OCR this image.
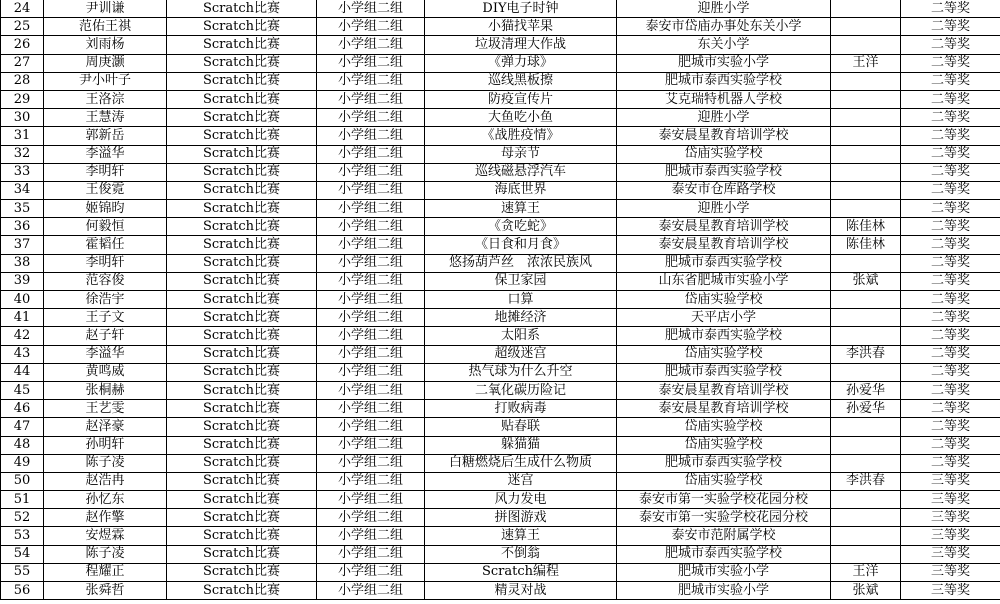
24	尹训谦	Scratch比赛	小学组二组	DIY电子时钟	迎胜小学		二等奖
25	范佑王祺	Scratch比赛	小学组二组	小猫找苹果	泰安市岱庙办事处东关小学		二等奖
26	刘雨杨	Scratch比赛	小学组二组	垃圾清理大作战	东关小学		二等奖
27	周庚灏	Scratch比赛	小学组二组	《弹力球》	肥城市实验小学	王洋	二等奖
28	尹小叶子	Scratch比赛	小学组二组	巡线黑板擦	肥城市泰西实验学校		二等奖
29	王洛淙	Scratch比赛	小学组二组	防疫宣传片	艾克瑞特机器人学校		二等奖
30	王慧涛	Scratch比赛	小学组二组	大鱼吃小鱼	迎胜小学		二等奖
31	郭新岳	Scratch比赛	小学组二组	《战胜疫情》	泰安晨星教育培训学校		二等奖
32	李溢华	Scratch比赛	小学组二组	母亲节	岱庙实验学校		二等奖
33	李明轩	Scratch比赛	小学组二组	巡线磁悬浮汽车	肥城市泰西实验学校		二等奖
34	王俊霓	Scratch比赛	小学组二组	海底世界	泰安市仓库路学校		二等奖
35	姬锦昀	Scratch比赛	小学组二组	速算王	迎胜小学		二等奖
36	何毅恒	Scratch比赛	小学组二组	《贪吃蛇》	泰安晨星教育培训学校	陈佳林	二等奖
37	霍韬任	Scratch比赛	小学组二组	《日食和月食》	泰安晨星教育培训学校	陈佳林	二等奖
38	李明轩	Scratch比赛	小学组二组	悠扬葫芦丝　浓浓民族风	肥城市泰西实验学校		二等奖
39	范容俊	Scratch比赛	小学组二组	保卫家园	山东省肥城市实验小学	张斌	二等奖
40	徐浩宇	Scratch比赛	小学组二组	口算	岱庙实验学校		二等奖
41	王子文	Scratch比赛	小学组二组	地摊经济	天平店小学		二等奖
42	赵子轩	Scratch比赛	小学组二组	太阳系	肥城市泰西实验学校		二等奖
43	李溢华	Scratch比赛	小学组二组	超级迷宫	岱庙实验学校	李洪春	二等奖
44	黄鸣威	Scratch比赛	小学组二组	热气球为什么升空	肥城市泰西实验学校		二等奖
45	张桐赫	Scratch比赛	小学组二组	二氧化碳历险记	泰安晨星教育培训学校	孙爱华	二等奖
46	王艺雯	Scratch比赛	小学组二组	打败病毒	泰安晨星教育培训学校	孙爱华	二等奖
47	赵泽豪	Scratch比赛	小学组二组	贴春联	岱庙实验学校		二等奖
48	孙明轩	Scratch比赛	小学组二组	躲猫猫	岱庙实验学校		二等奖
49	陈子凌	Scratch比赛	小学组二组	白糖燃烧后生成什么物质	肥城市泰西实验学校		二等奖
50	赵浩冉	Scratch比赛	小学组二组	迷宫	岱庙实验学校	李洪春	三等奖
51	孙忆东	Scratch比赛	小学组二组	风力发电	泰安市第一实验学校花园分校		三等奖
52	赵作擎	Scratch比赛	小学组二组	拼图游戏	泰安市第一实验学校花园分校		三等奖
53	安煜霖	Scratch比赛	小学组二组	速算王	泰安市范附属学校		三等奖
54	陈子凌	Scratch比赛	小学组二组	不倒翁	肥城市泰西实验学校		三等奖
55	程耀正	Scratch比赛	小学组二组	Scratch编程	肥城市实验小学	王洋	三等奖
56	张舜哲	Scratch比赛	小学组二组	精灵对战	肥城市实验小学	张斌	三等奖
